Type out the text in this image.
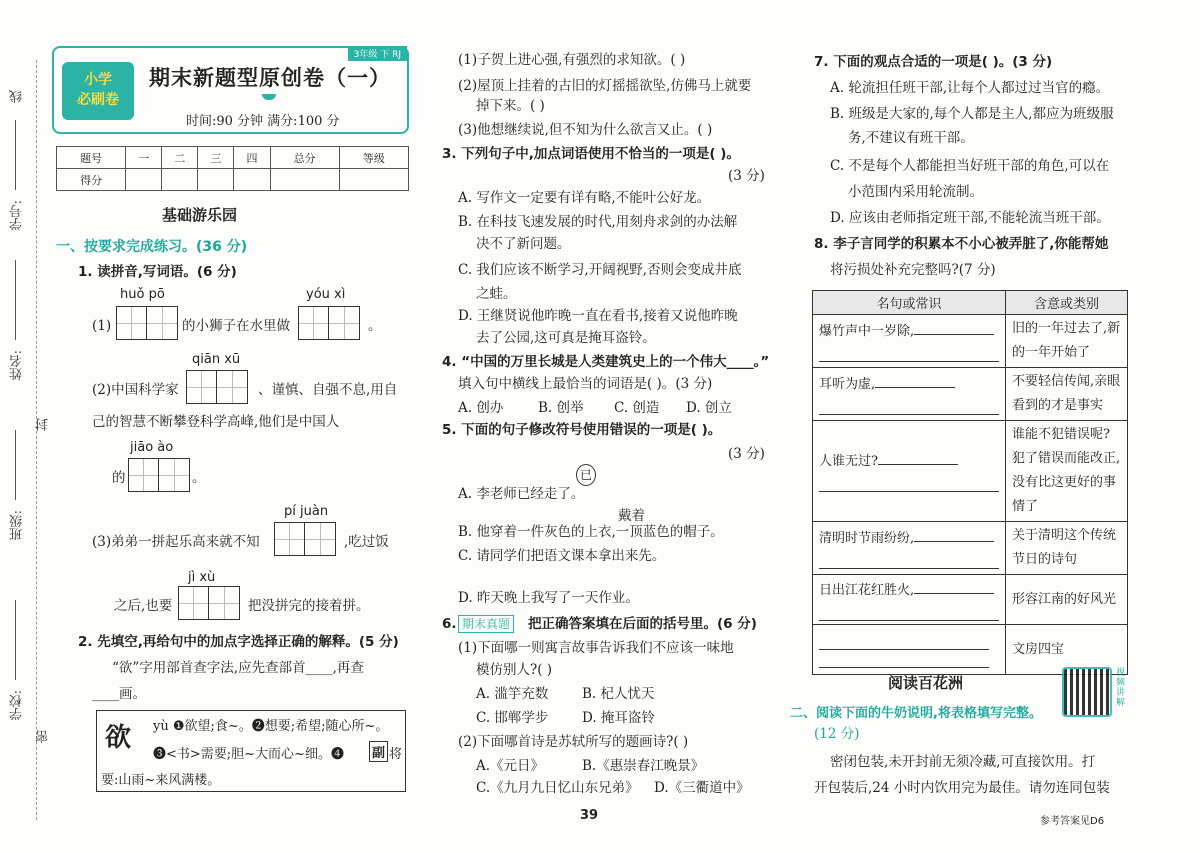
线
学号:
姓名:
封
班级:
学校:
密
小学
必刷卷
3年级 下 RJ
期末新题型原创卷（一）
时间:90 分钟 满分:100 分
题号	一	二	三	四	总分	等级
得分						
基础游乐园
一、按要求完成练习。(36 分)
1. 读拼音,写词语。(6 分)
huǒ pō	yóu xì
(1)	的小狮子在水里做	。
qiān xū
(2)中国科学家	、谨慎、自强不息,用自
己的智慧不断攀登科学高峰,他们是中国人
jiāo ào
的	。
pí juàn
(3)弟弟一拼起乐高来就不知	,吃过饭
jì xù
之后,也要	把没拼完的接着拼。
2. 先填空,再给句中的加点字选择正确的解释。(5 分)
“欲”字用部首查字法,应先查部首____,再查
____画。
欲 yù ❶欲望;食~。❷想要;希望;随心所~。
❸<书>需要;胆~大而心~细。❹ 副 将
要:山雨~来风满楼。
(1)子贺上进心强,有强烈的求知欲。( )
(2)屋顶上挂着的古旧的灯摇摇欲坠,仿佛马上就要
掉下来。( )
(3)他想继续说,但不知为什么欲言又止。( )
3. 下列句子中,加点词语使用不恰当的一项是( )。
(3 分)
A. 写作文一定要有详有略,不能叶公好龙。
B. 在科技飞速发展的时代,用刻舟求剑的办法解
决不了新问题。
C. 我们应该不断学习,开阔视野,否则会变成井底
之蛙。
D. 王继贤说他昨晚一直在看书,接着又说他昨晚
去了公园,这可真是掩耳盗铃。
4. “中国的万里长城是人类建筑史上的一个伟大____。”
填入句中横线上最恰当的词语是( )。(3 分)
A. 创办	B. 创举 C. 创造 D. 创立
5. 下面的句子修改符号使用错误的一项是( )。
(3 分)
已
A. 李老师已经走了。
戴着
B. 他穿着一件灰色的上衣,一顶蓝色的帽子。
C. 请同学们把语文课本拿出来先。
D. 昨天晚上我写了一天作业。
6. 期末真题 把正确答案填在后面的括号里。(6 分)
(1)下面哪一则寓言故事告诉我们不应该一味地
模仿别人?( )
A. 滥竽充数 B. 杞人忧天
C. 邯郸学步 D. 掩耳盗铃
(2)下面哪首诗是苏轼所写的题画诗?( )
A.《元日》	B.《惠崇春江晚景》
C.《九月九日忆山东兄弟》 D.《三衢道中》
7. 下面的观点合适的一项是( )。(3 分)
A. 轮流担任班干部,让每个人都过过当官的瘾。
B. 班级是大家的,每个人都是主人,都应为班级服
务,不建议有班干部。
C. 不是每个人都能担当好班干部的角色,可以在
小范围内采用轮流制。
D. 应该由老师指定班干部,不能轮流当班干部。
8. 李子言同学的积累本不小心被弄脏了,你能帮她
将污损处补充完整吗?(7 分)
名句或常识	含意或类别
爆竹声中一岁除,	旧的一年过去了,新的一年开始了
耳听为虚,	不要轻信传闻,亲眼看到的才是事实
人谁无过?	谁能不犯错误呢?犯了错误而能改正,没有比这更好的事情了
清明时节雨纷纷,	关于清明这个传统节日的诗句
日出江花红胜火,	形容江南的好风光

	文房四宝
阅读百花洲
视频讲解
二、阅读下面的牛奶说明,将表格填写完整。
(12 分)
密闭包装,未开封前无须冷藏,可直接饮用。打
开包装后,24 小时内饮用完为最佳。请勿连同包装
39	参考答案见D6
